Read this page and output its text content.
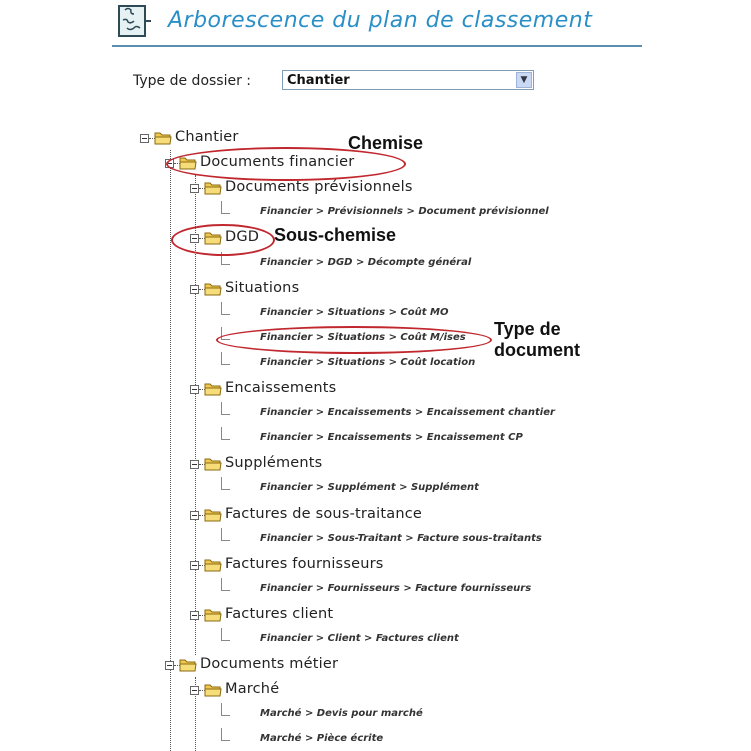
Arborescence du plan de classement
Type de dossier :	Chantier	▼
Chantier
Documents financier
Documents prévisionnels
Financier > Prévisionnels > Document prévisionnel
DGD
Financier > DGD > Décompte général
Situations
Financier > Situations > Coût MO
Financier > Situations > Coût M/ises
Financier > Situations > Coût location
Encaissements
Financier > Encaissements > Encaissement chantier
Financier > Encaissements > Encaissement CP
Suppléments
Financier > Supplément > Supplément
Factures de sous-traitance
Financier > Sous-Traitant > Facture sous-traitants
Factures fournisseurs
Financier > Fournisseurs > Facture fournisseurs
Factures client
Financier > Client > Factures client
Documents métier
Marché
Marché > Devis pour marché
Marché > Pièce écrite
Chemise
Sous-chemise
Type de
document
